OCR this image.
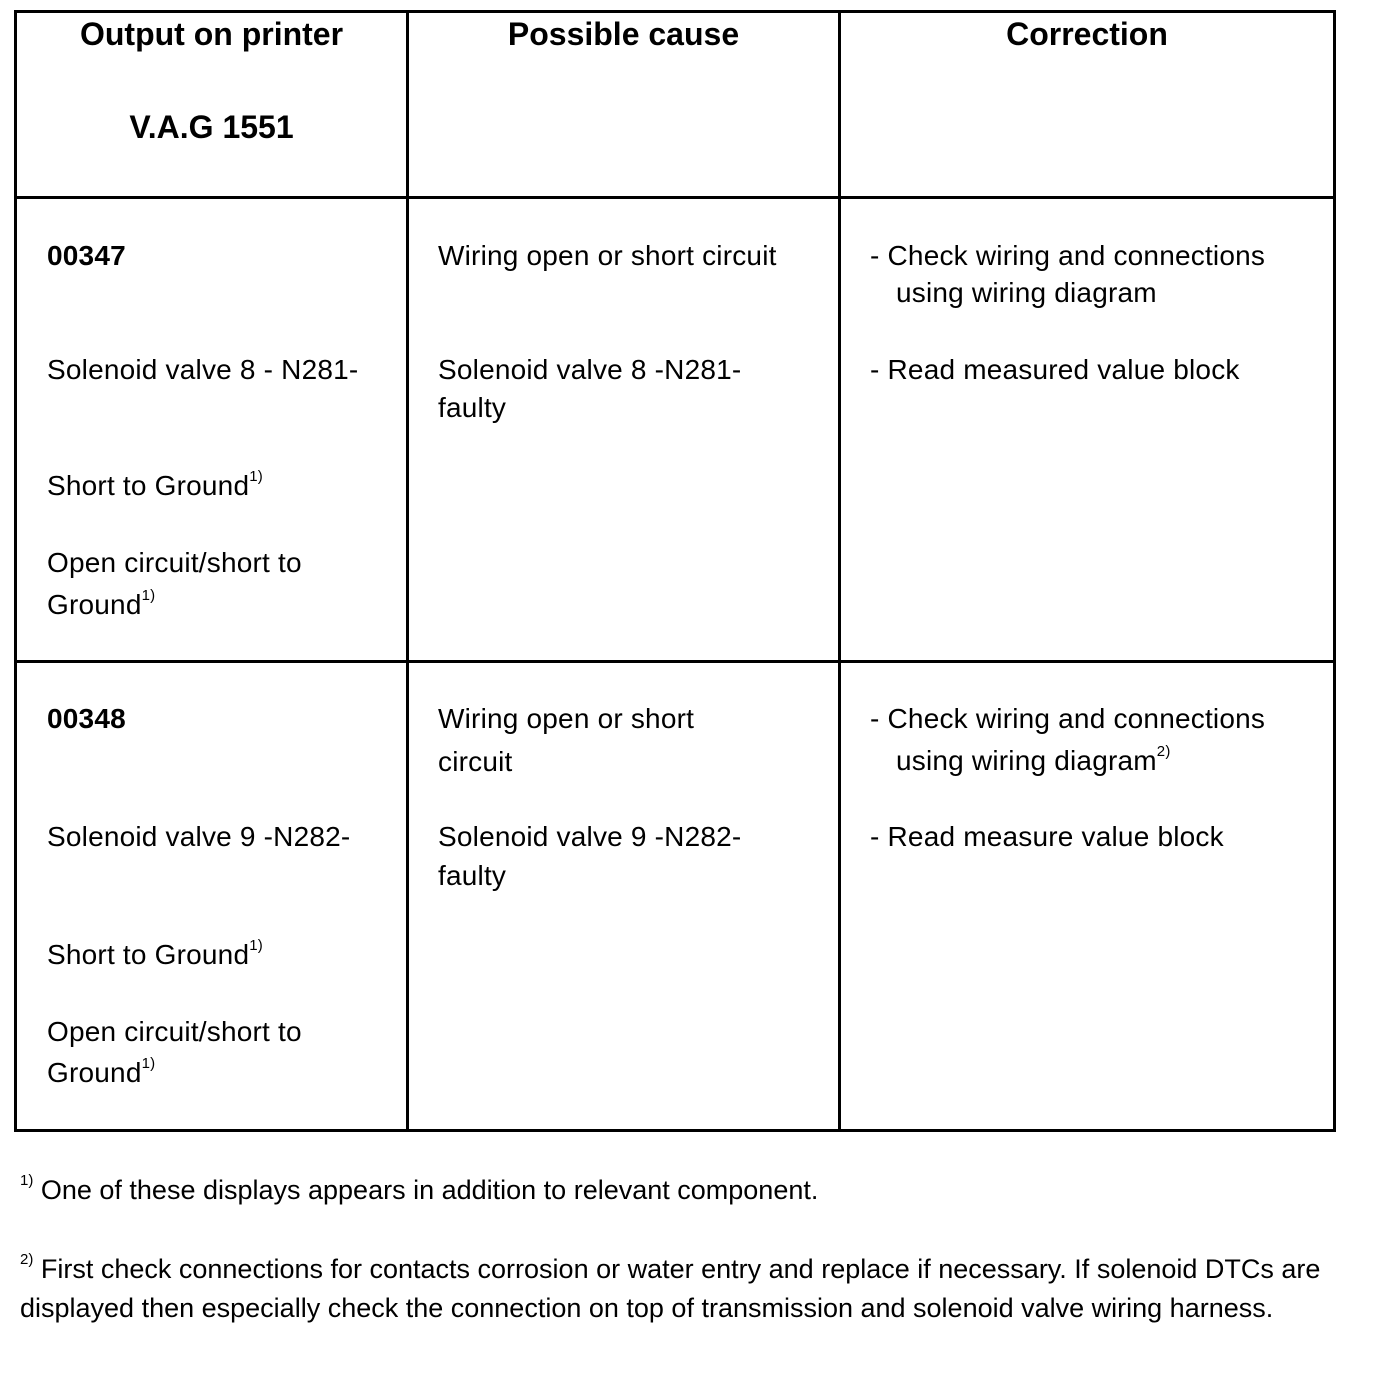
Output on printer
V.A.G 1551
Possible cause	Correction
00347
Solenoid valve 8 - N281-
Short to Ground$^{1)}$
Open circuit/short to
Ground$^{1)}$
Wiring open or short circuit
Solenoid valve 8 -N281-
faulty
- Check wiring and connections
using wiring diagram
- Read measured value block
00348
Solenoid valve 9 -N282-
Short to Ground$^{1)}$
Open circuit/short to
Ground$^{1)}$
Wiring open or short
circuit
Solenoid valve 9 -N282-
faulty
- Check wiring and connections
using wiring diagram$^{2)}$
- Read measure value block
$^{1)}$ One of these displays appears in addition to relevant component.
$^{2)}$ First check connections for contacts corrosion or water entry and replace if necessary. If solenoid DTCs are displayed then especially check the connection on top of transmission and solenoid valve wiring harness.
